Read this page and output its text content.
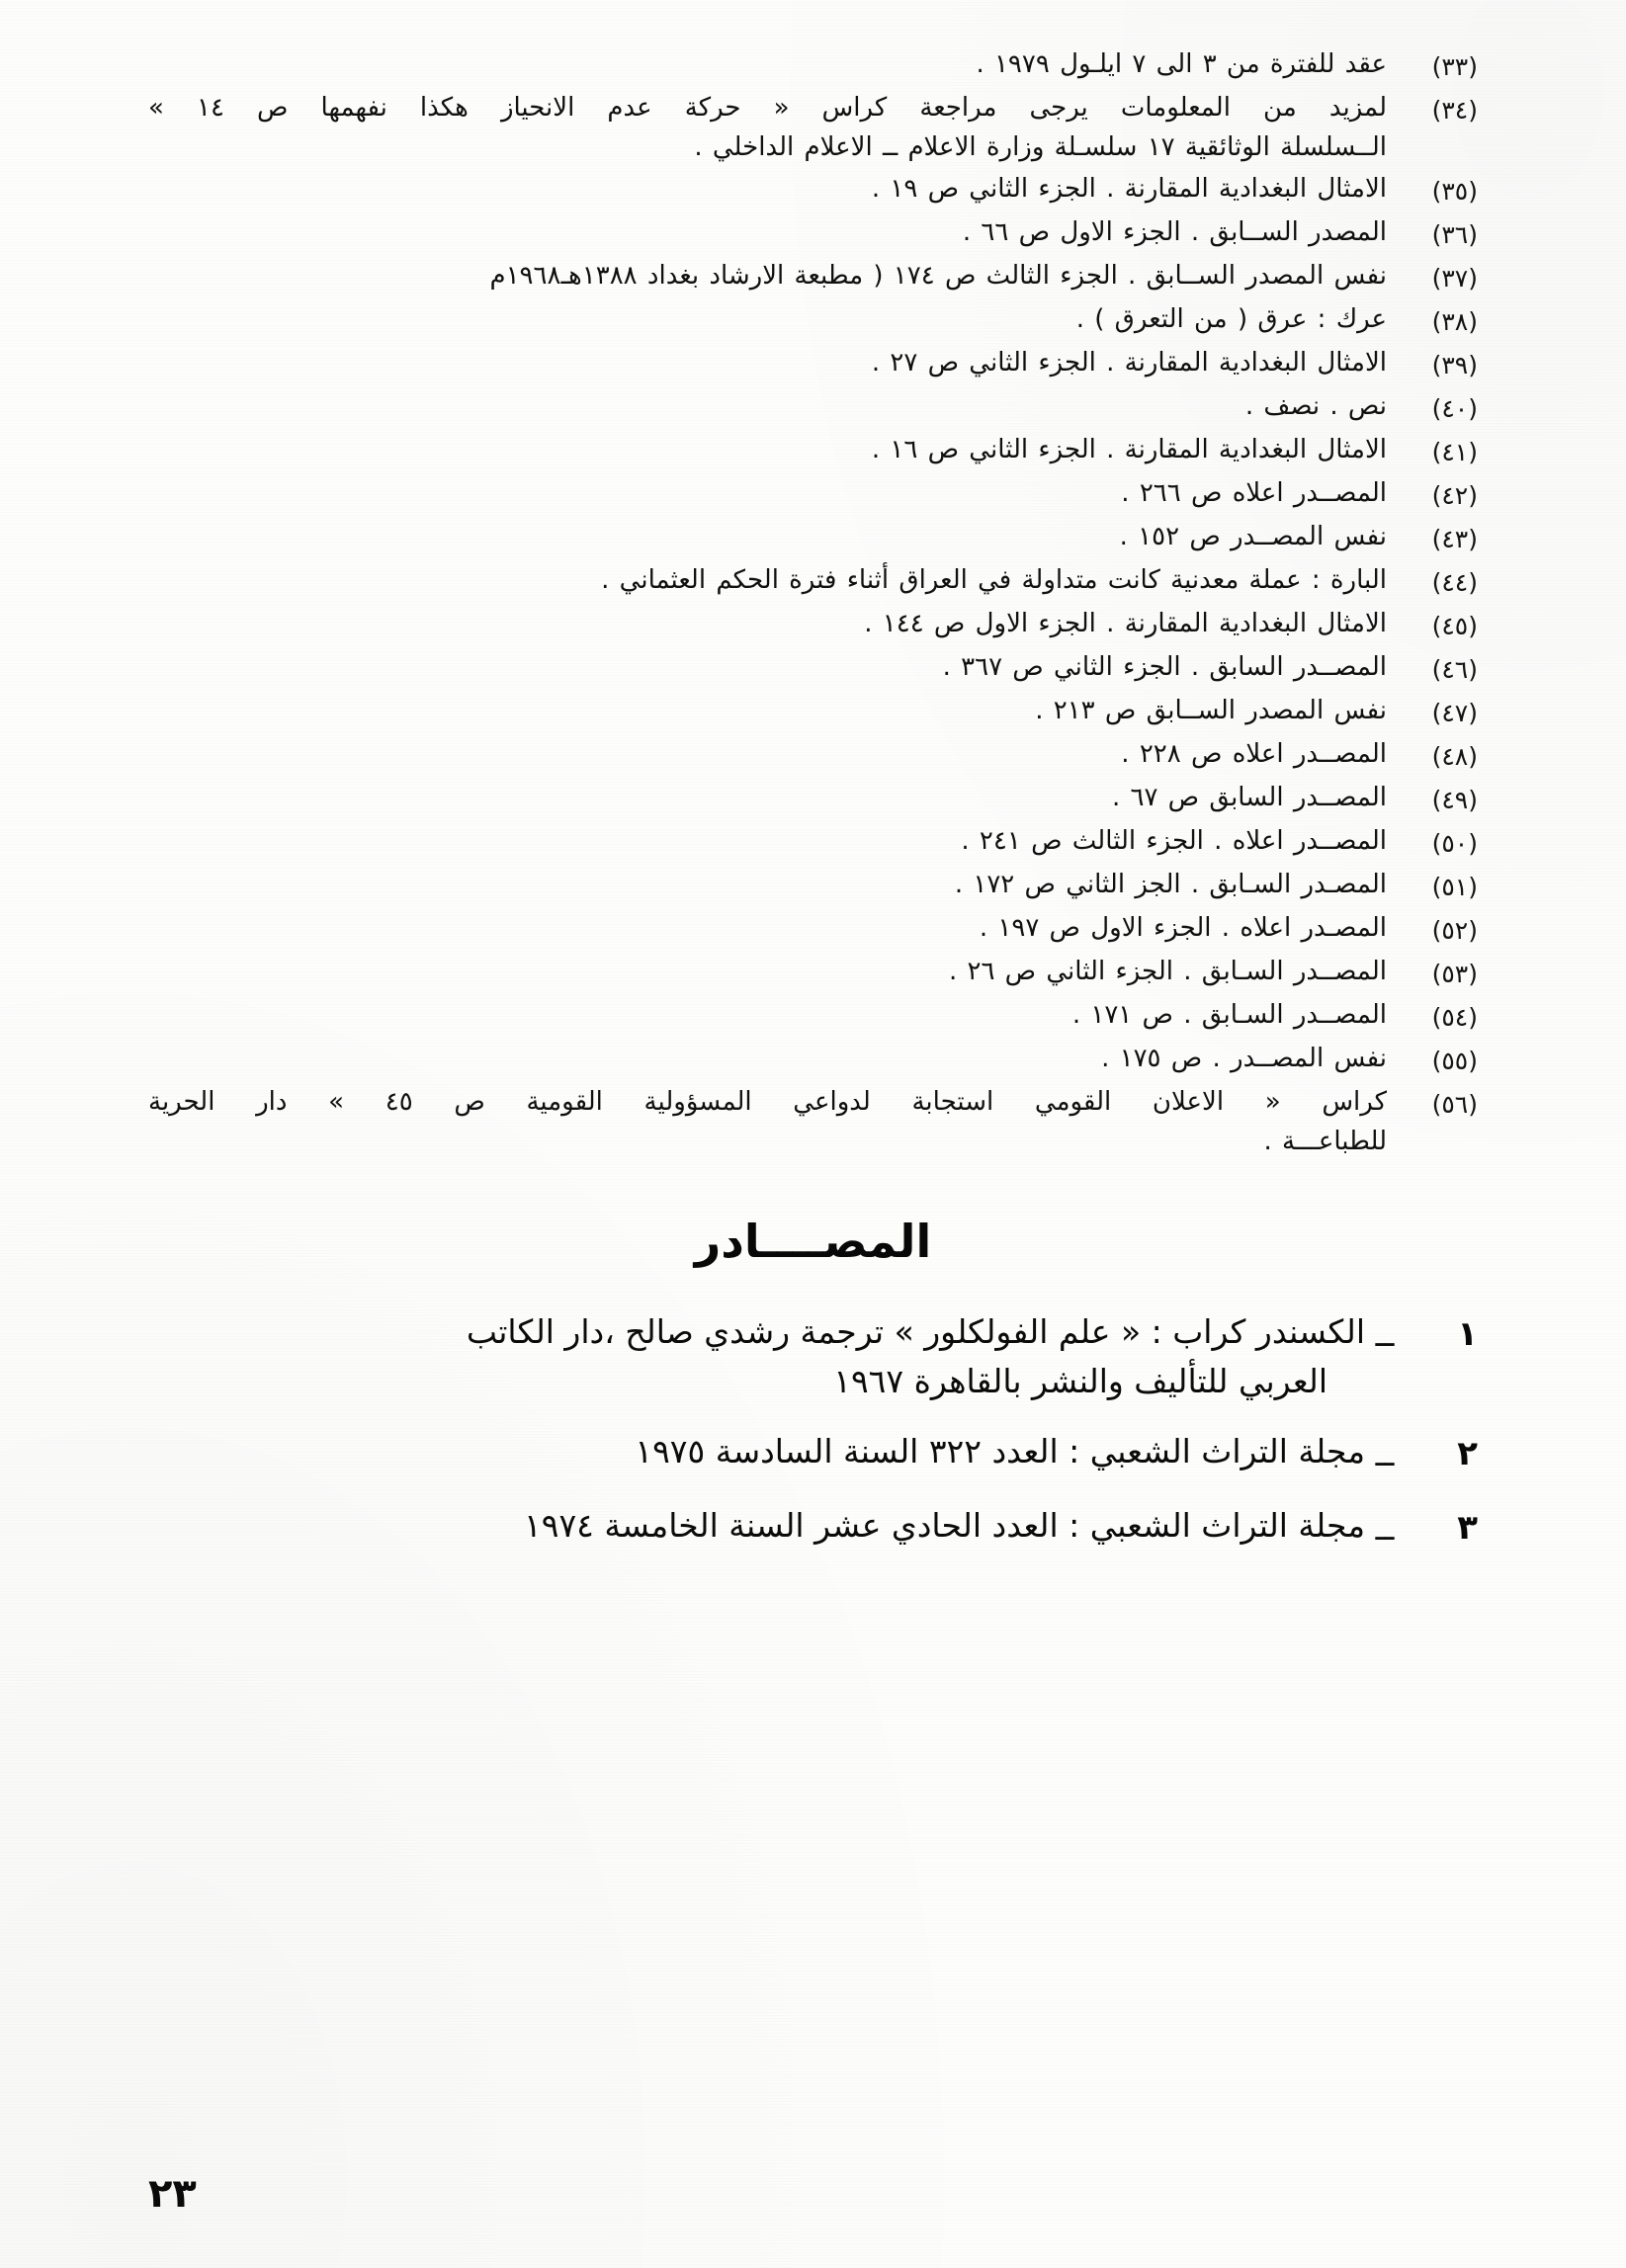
(٣٣)
عقد للفترة من ٣ الى ٧ ايلـول ١٩٧٩ .
(٣٤)
لمزيد من المعلومات يرجى مراجعة كراس « حركة عدم الانحياز هكذا نفهمها ص ١٤ »
الــسلسلة الوثائقية ١٧ سلسـلة وزارة الاعلام ــ الاعلام الداخلي .
(٣٥)
الامثال البغدادية المقارنة . الجزء الثاني ص ١٩ .
(٣٦)
المصدر الســابق . الجزء الاول ص ٦٦ .
(٣٧)
نفس المصدر الســابق . الجزء الثالث ص ١٧٤ ( مطبعة الارشاد بغداد ١٣٨٨هـ١٩٦٨م
(٣٨)
عرك : عرق ( من التعرق ) .
(٣٩)
الامثال البغدادية المقارنة . الجزء الثاني ص ٢٧ .
(٤٠)
نص . نصف .
(٤١)
الامثال البغدادية المقارنة . الجزء الثاني ص ١٦ .
(٤٢)
المصــدر اعلاه ص ٢٦٦ .
(٤٣)
نفس المصــدر ص ١٥٢ .
(٤٤)
البارة : عملة معدنية كانت متداولة في العراق أثناء فترة الحكم العثماني .
(٤٥)
الامثال البغدادية المقارنة . الجزء الاول ص ١٤٤ .
(٤٦)
المصــدر السابق . الجزء الثاني ص ٣٦٧ .
(٤٧)
نفس المصدر الســابق ص ٢١٣ .
(٤٨)
المصــدر اعلاه ص ٢٢٨ .
(٤٩)
المصــدر السابق ص ٦٧ .
(٥٠)
المصــدر اعلاه . الجزء الثالث ص ٢٤١ .
(٥١)
المصـدر السـابق . الجز الثاني ص ١٧٢ .
(٥٢)
المصـدر اعلاه . الجزء الاول ص ١٩٧ .
(٥٣)
المصــدر السـابق . الجزء الثاني ص ٢٦ .
(٥٤)
المصــدر السـابق . ص ١٧١ .
(٥٥)
نفس المصــدر . ص ١٧٥ .
(٥٦)
كراس « الاعلان القومي استجابة لدواعي المسؤولية القومية ص ٤٥ » دار الحرية
للطباعـــة .
المصــــادر
١
ــ
الكسندر كراب : « علم الفولكلور » ترجمة رشدي صالح ،دار الكاتب
العربي للتأليف والنشر بالقاهرة ١٩٦٧
٢
ــ
مجلة التراث الشعبي : العدد ٣٢٢ السنة السادسة ١٩٧٥
٣
ــ
مجلة التراث الشعبي : العدد الحادي عشر السنة الخامسة ١٩٧٤
٢٣
